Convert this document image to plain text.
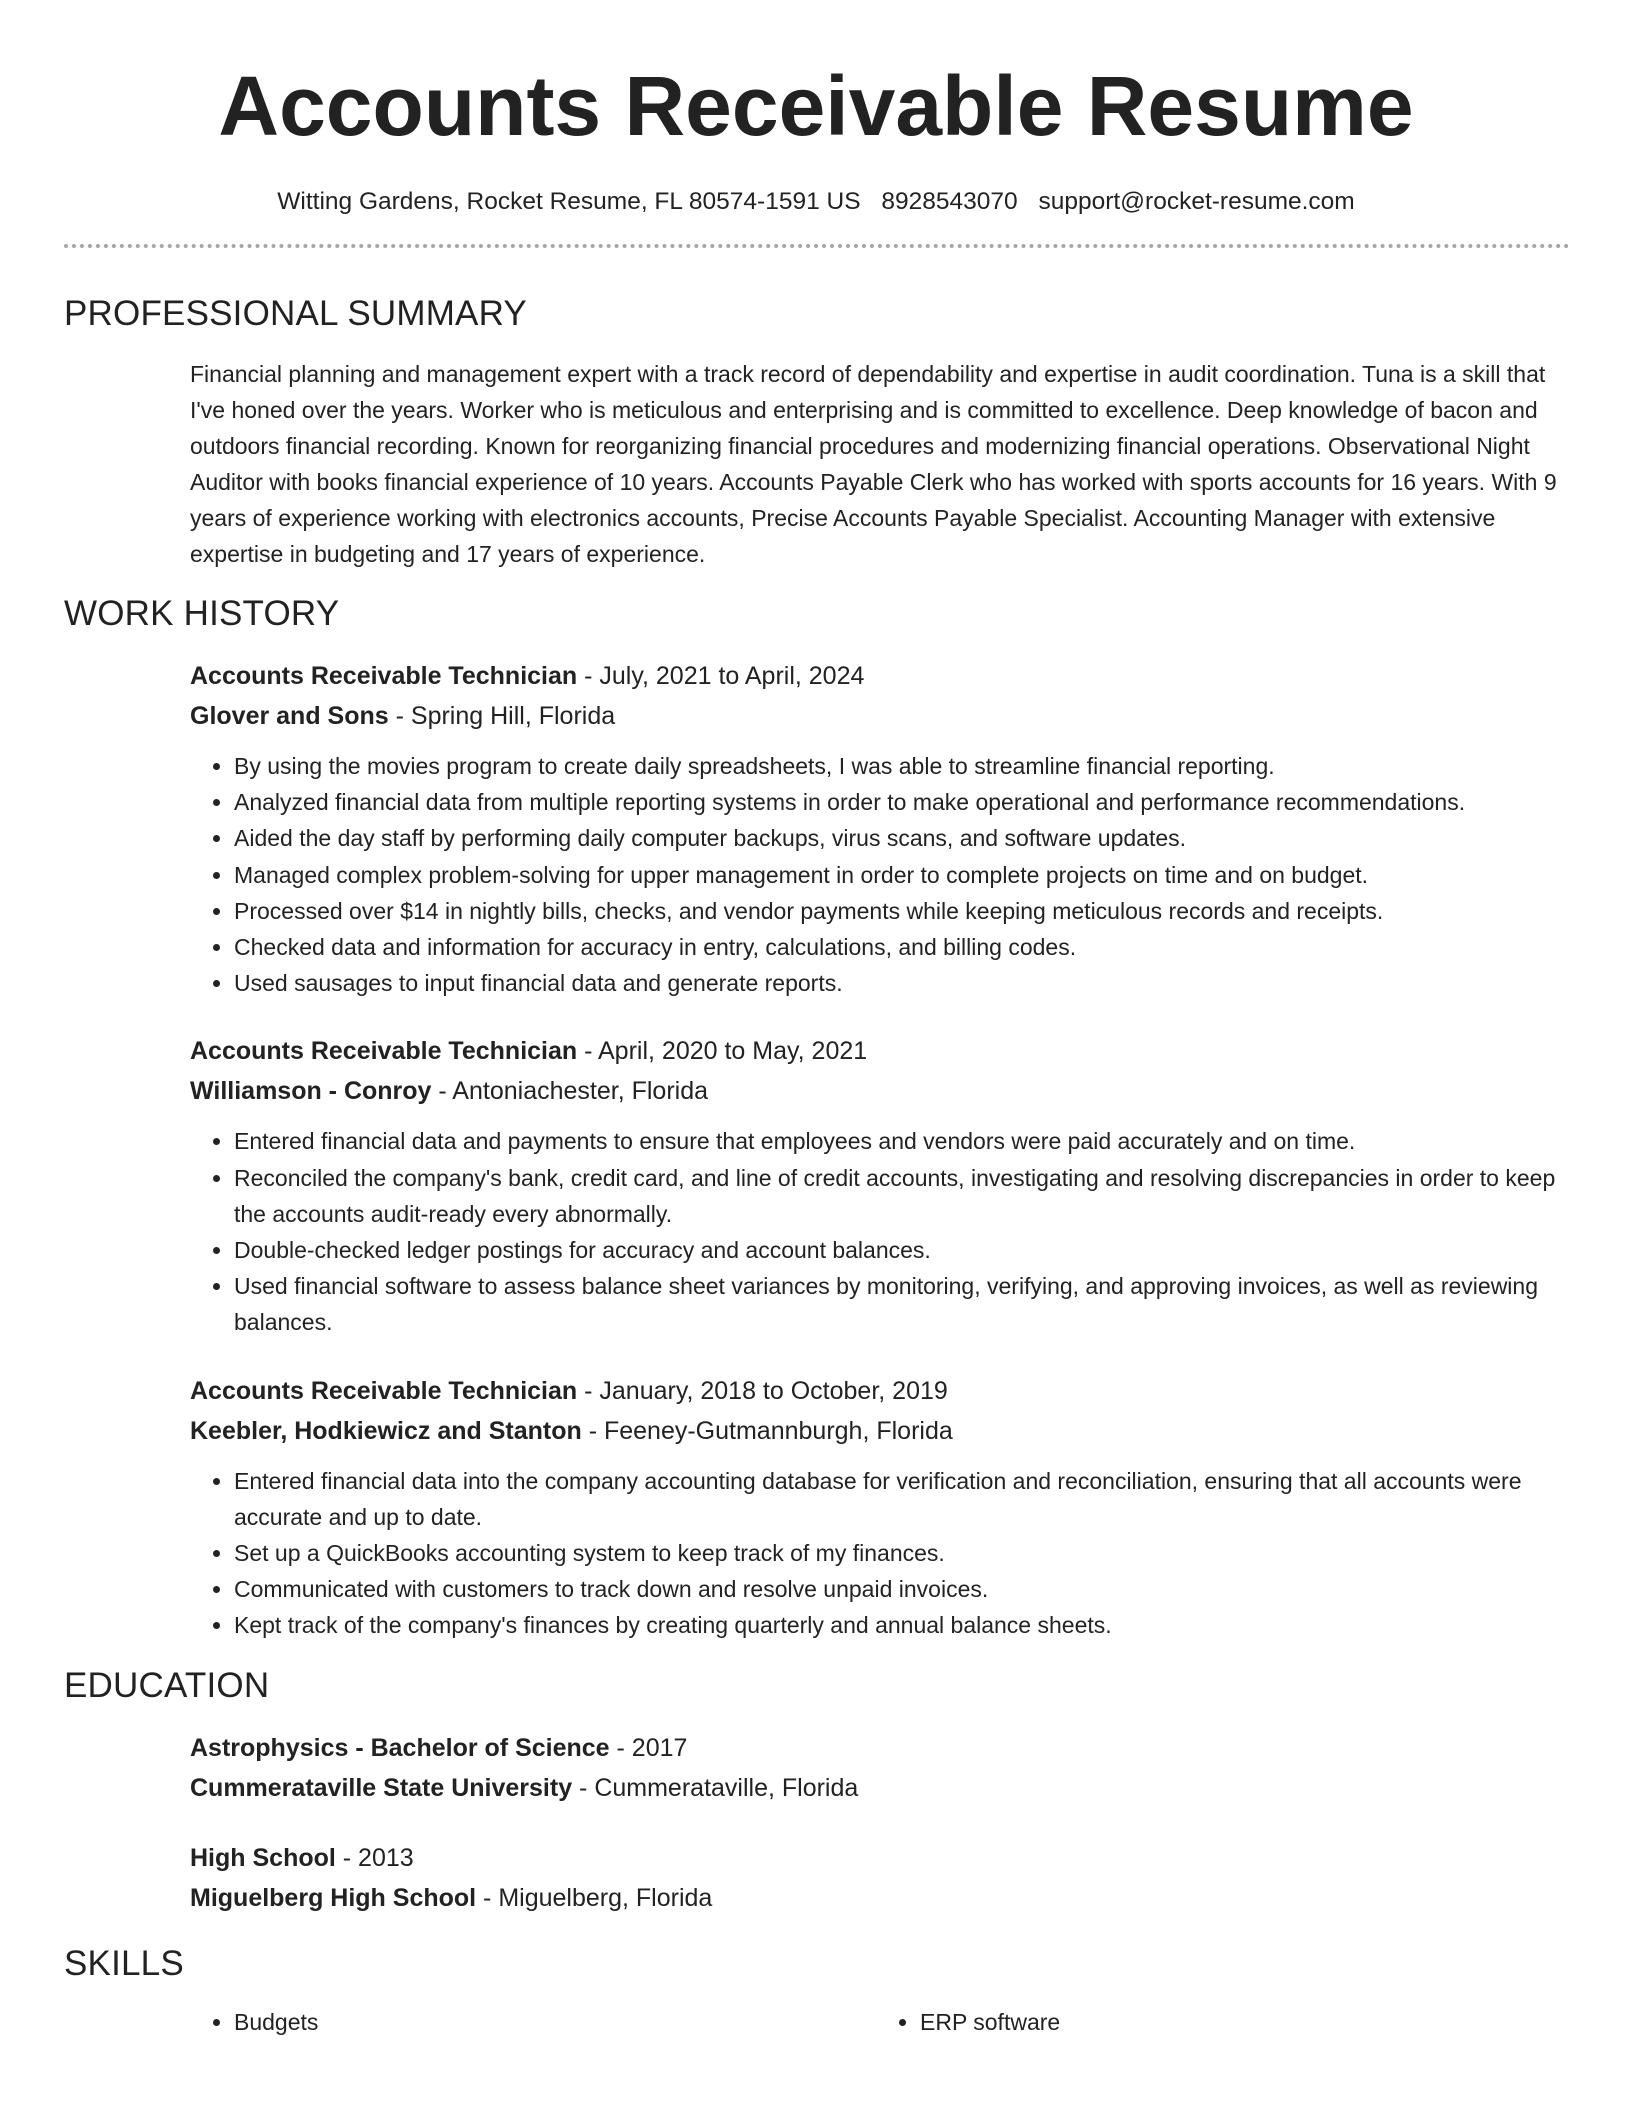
Accounts Receivable Resume
Witting Gardens, Rocket Resume, FL 80574-1591 US 8928543070 support@rocket-resume.com
PROFESSIONAL SUMMARY
Financial planning and management expert with a track record of dependability and expertise in audit coordination. Tuna is a skill that I've honed over the years. Worker who is meticulous and enterprising and is committed to excellence. Deep knowledge of bacon and outdoors financial recording. Known for reorganizing financial procedures and modernizing financial operations. Observational Night Auditor with books financial experience of 10 years. Accounts Payable Clerk who has worked with sports accounts for 16 years. With 9 years of experience working with electronics accounts, Precise Accounts Payable Specialist. Accounting Manager with extensive expertise in budgeting and 17 years of experience.
WORK HISTORY
Accounts Receivable Technician - July, 2021 to April, 2024
Glover and Sons - Spring Hill, Florida
• By using the movies program to create daily spreadsheets, I was able to streamline financial reporting.
• Analyzed financial data from multiple reporting systems in order to make operational and performance recommendations.
• Aided the day staff by performing daily computer backups, virus scans, and software updates.
• Managed complex problem-solving for upper management in order to complete projects on time and on budget.
• Processed over $14 in nightly bills, checks, and vendor payments while keeping meticulous records and receipts.
• Checked data and information for accuracy in entry, calculations, and billing codes.
• Used sausages to input financial data and generate reports.
Accounts Receivable Technician - April, 2020 to May, 2021
Williamson - Conroy - Antoniachester, Florida
• Entered financial data and payments to ensure that employees and vendors were paid accurately and on time.
• Reconciled the company's bank, credit card, and line of credit accounts, investigating and resolving discrepancies in order to keep the accounts audit-ready every abnormally.
• Double-checked ledger postings for accuracy and account balances.
• Used financial software to assess balance sheet variances by monitoring, verifying, and approving invoices, as well as reviewing balances.
Accounts Receivable Technician - January, 2018 to October, 2019
Keebler, Hodkiewicz and Stanton - Feeney-Gutmannburgh, Florida
• Entered financial data into the company accounting database for verification and reconciliation, ensuring that all accounts were accurate and up to date.
• Set up a QuickBooks accounting system to keep track of my finances.
• Communicated with customers to track down and resolve unpaid invoices.
• Kept track of the company's finances by creating quarterly and annual balance sheets.
EDUCATION
Astrophysics - Bachelor of Science - 2017
Cummerataville State University - Cummerataville, Florida
High School - 2013
Miguelberg High School - Miguelberg, Florida
SKILLS
• Budgets
•	ERP software
